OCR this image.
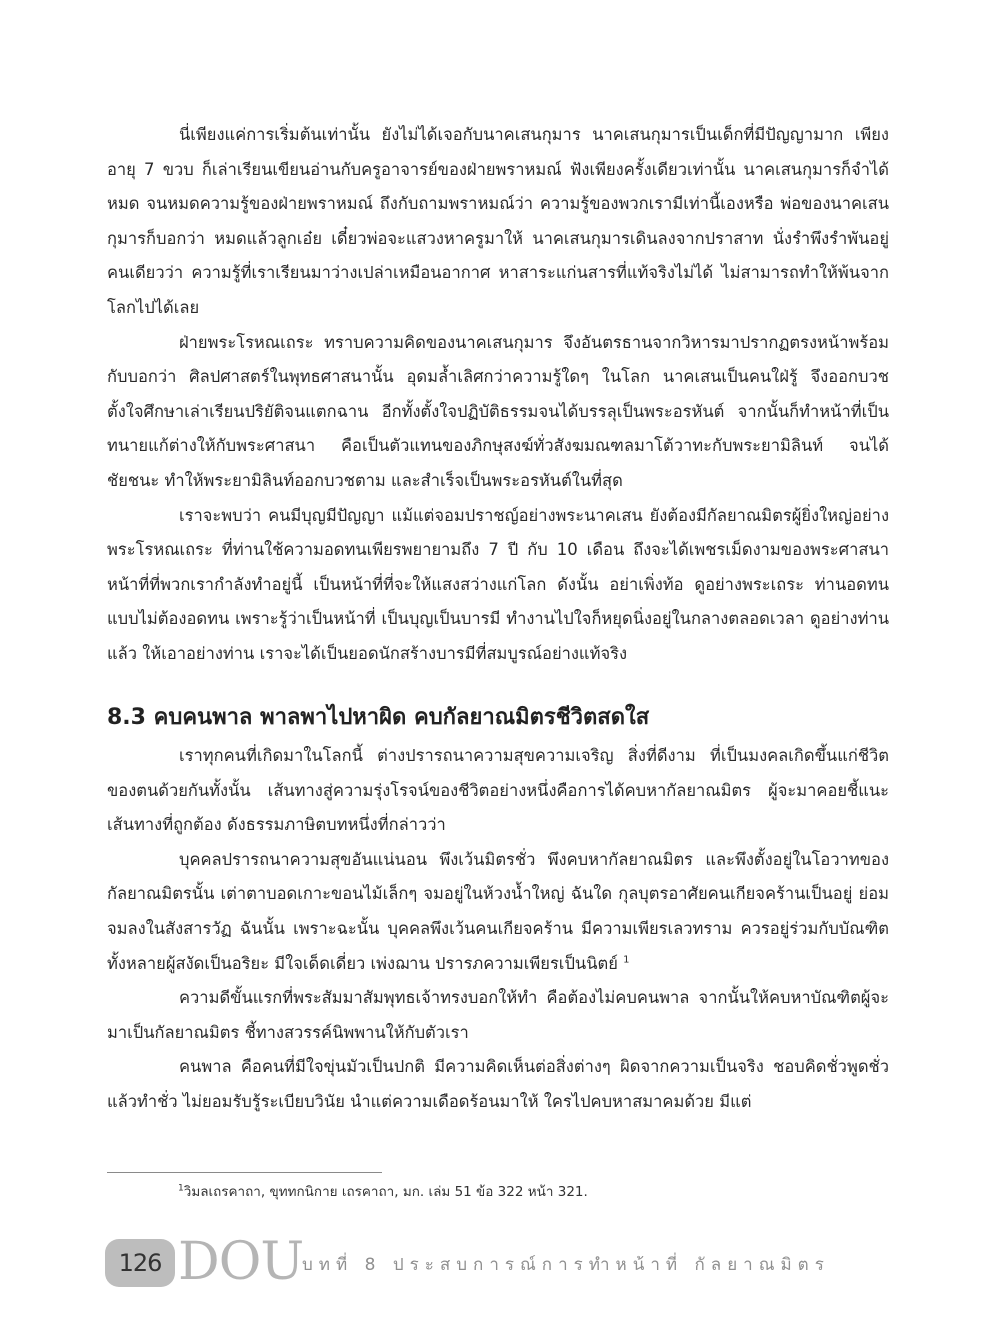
นี่เพียงแค่การเริ่มต้นเท่านั้น ยังไม่ได้เจอกับนาคเสนกุมาร นาคเสนกุมารเป็นเด็กที่มีปัญญามาก เพียงอายุ 7 ขวบ ก็เล่าเรียนเขียนอ่านกับครูอาจารย์ของฝ่ายพราหมณ์ ฟังเพียงครั้งเดียวเท่านั้น นาคเสนกุมารก็จำได้หมด จนหมดความรู้ของฝ่ายพราหมณ์ ถึงกับถามพราหมณ์ว่า ความรู้ของพวกเรามีเท่านี้เองหรือ พ่อของนาคเสนกุมารก็บอกว่า หมดแล้วลูกเอ๋ย เดี๋ยวพ่อจะแสวงหาครูมาให้ นาคเสนกุมารเดินลงจากปราสาท นั่งรำพึงรำพันอยู่คนเดียวว่า ความรู้ที่เราเรียนมาว่างเปล่าเหมือนอากาศ หาสาระแก่นสารที่แท้จริงไม่ได้ ไม่สามารถทำให้พ้นจากโลกไปได้เลย

ฝ่ายพระโรหณเถระ ทราบความคิดของนาคเสนกุมาร จึงอันตรธานจากวิหารมาปรากฏตรงหน้าพร้อมกับบอกว่า ศิลปศาสตร์ในพุทธศาสนานั้น อุดมล้ำเลิศกว่าความรู้ใดๆ ในโลก นาคเสนเป็นคนใฝ่รู้ จึงออกบวช ตั้งใจศึกษาเล่าเรียนปริยัติจนแตกฉาน อีกทั้งตั้งใจปฏิบัติธรรมจนได้บรรลุเป็นพระอรหันต์ จากนั้นก็ทำหน้าที่เป็นทนายแก้ต่างให้กับพระศาสนา คือเป็นตัวแทนของภิกษุสงฆ์ทั่วสังฆมณฑลมาโต้วาทะกับพระยามิลินท์ จนได้ชัยชนะ ทำให้พระยามิลินท์ออกบวชตาม และสำเร็จเป็นพระอรหันต์ในที่สุด

เราจะพบว่า คนมีบุญมีปัญญา แม้แต่จอมปราชญ์อย่างพระนาคเสน ยังต้องมีกัลยาณมิตรผู้ยิ่งใหญ่อย่างพระโรหณเถระ ที่ท่านใช้ความอดทนเพียรพยายามถึง 7 ปี กับ 10 เดือน ถึงจะได้เพชรเม็ดงามของพระศาสนา หน้าที่ที่พวกเรากำลังทำอยู่นี้ เป็นหน้าที่ที่จะให้แสงสว่างแก่โลก ดังนั้น อย่าเพิ่งท้อ ดูอย่างพระเถระ ท่านอดทนแบบไม่ต้องอดทน เพราะรู้ว่าเป็นหน้าที่ เป็นบุญเป็นบารมี ทำงานไปใจก็หยุดนิ่งอยู่ในกลางตลอดเวลา ดูอย่างท่านแล้ว ให้เอาอย่างท่าน เราจะได้เป็นยอดนักสร้างบารมีที่สมบูรณ์อย่างแท้จริง

8.3 คบคนพาล พาลพาไปหาผิด คบกัลยาณมิตรชีวิตสดใส

เราทุกคนที่เกิดมาในโลกนี้ ต่างปรารถนาความสุขความเจริญ สิ่งที่ดีงาม ที่เป็นมงคลเกิดขึ้นแก่ชีวิตของตนด้วยกันทั้งนั้น เส้นทางสู่ความรุ่งโรจน์ของชีวิตอย่างหนึ่งคือการได้คบหากัลยาณมิตร ผู้จะมาคอยชี้แนะเส้นทางที่ถูกต้อง ดังธรรมภาษิตบทหนึ่งที่กล่าวว่า

บุคคลปรารถนาความสุขอันแน่นอน พึงเว้นมิตรชั่ว พึงคบหากัลยาณมิตร และพึงตั้งอยู่ในโอวาทของกัลยาณมิตรนั้น เต่าตาบอดเกาะขอนไม้เล็กๆ จมอยู่ในห้วงน้ำใหญ่ ฉันใด กุลบุตรอาศัยคนเกียจคร้านเป็นอยู่ ย่อมจมลงในสังสารวัฏ ฉันนั้น เพราะฉะนั้น บุคคลพึงเว้นคนเกียจคร้าน มีความเพียรเลวทราม ควรอยู่ร่วมกับบัณฑิตทั้งหลายผู้สงัดเป็นอริยะ มีใจเด็ดเดี่ยว เพ่งฌาน ปรารภความเพียรเป็นนิตย์ $^1$

ความดีขั้นแรกที่พระสัมมาสัมพุทธเจ้าทรงบอกให้ทำ คือต้องไม่คบคนพาล จากนั้นให้คบหาบัณฑิตผู้จะมาเป็นกัลยาณมิตร ชี้ทางสวรรค์นิพพานให้กับตัวเรา

คนพาล คือคนที่มีใจขุ่นมัวเป็นปกติ มีความคิดเห็นต่อสิ่งต่างๆ ผิดจากความเป็นจริง ชอบคิดชั่วพูดชั่ว แล้วทำชั่ว ไม่ยอมรับรู้ระเบียบวินัย นำแต่ความเดือดร้อนมาให้ ใครไปคบหาสมาคมด้วย มีแต่

$^1$วิมลเถรคาถา, ขุททกนิกาย เถรคาถา, มก. เล่ม 51 ข้อ 322 หน้า 321.
126 DOU
บทที่ 8 ประสบการณ์การทำหน้าที่ กัลยาณมิตร
